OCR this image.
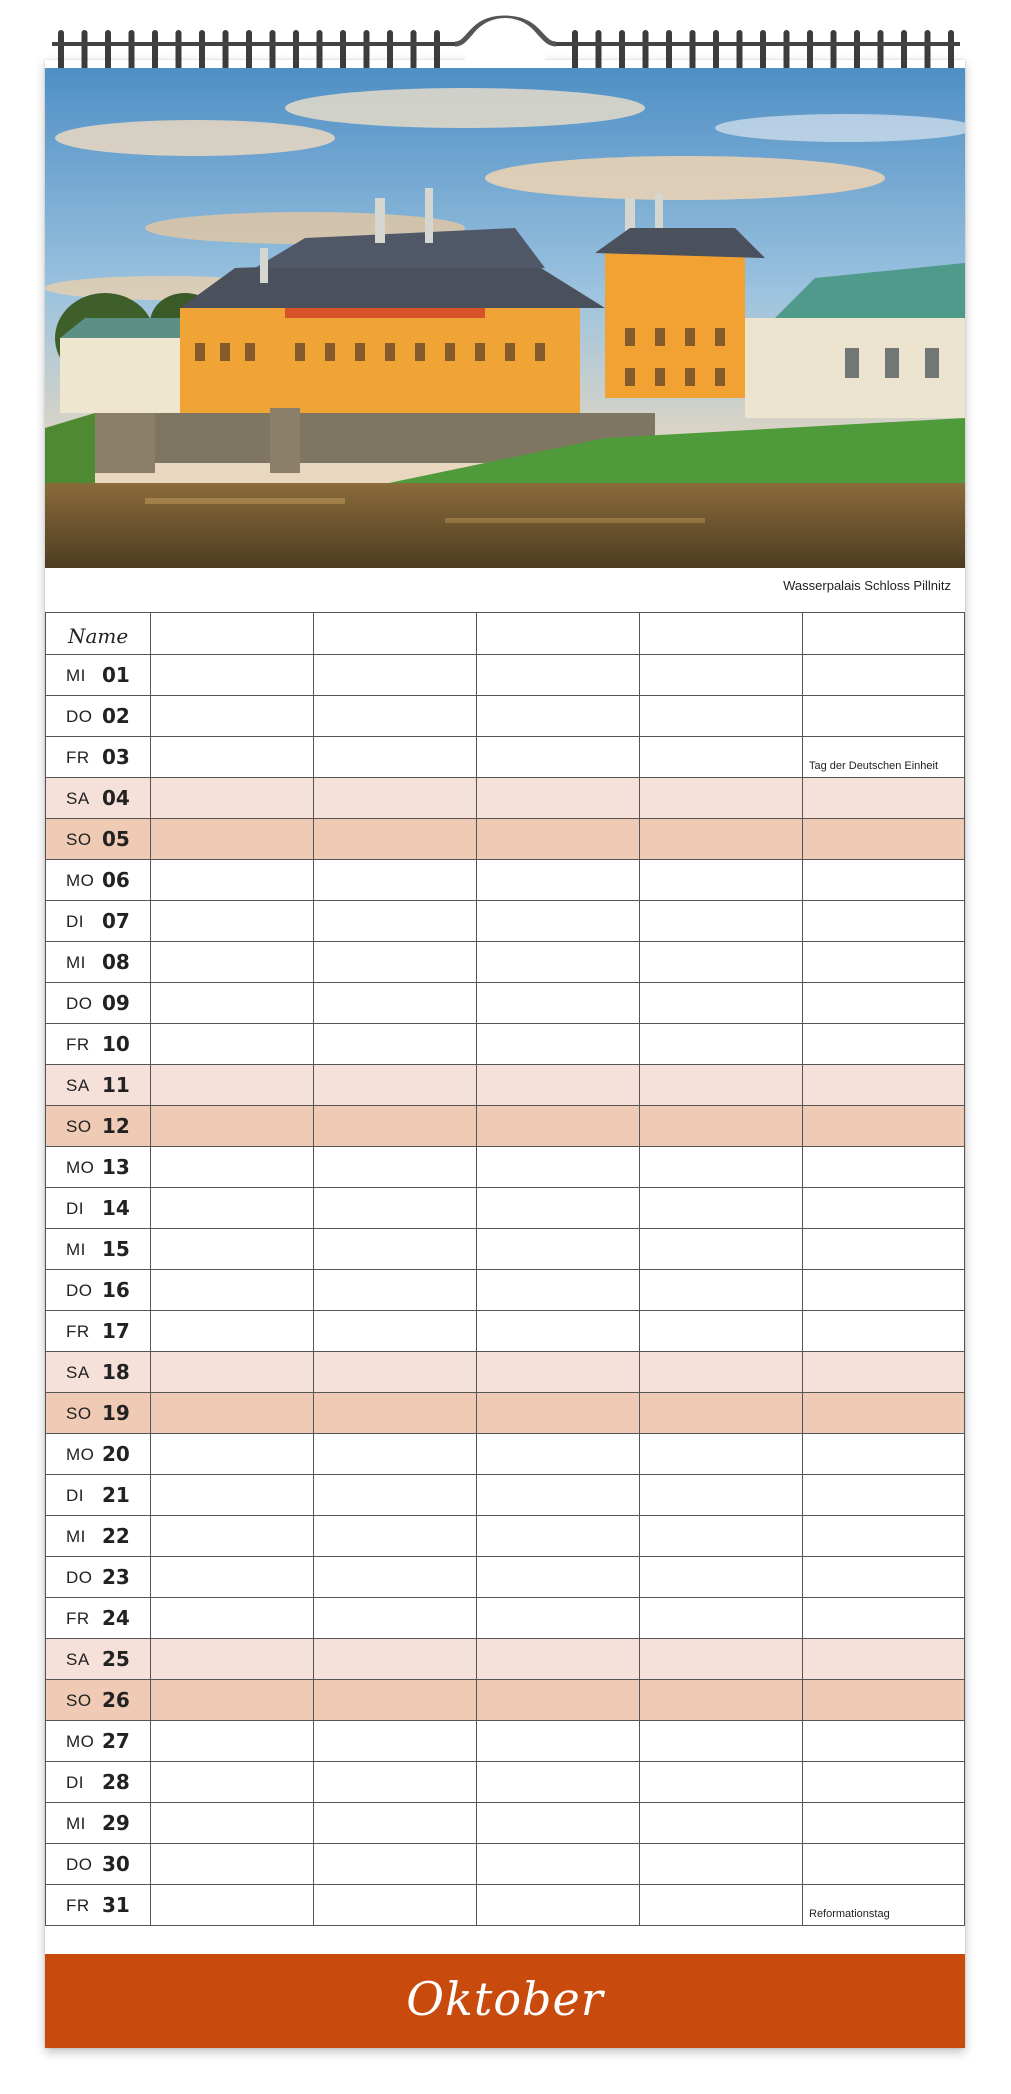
Wasserpalais Schloss Pillnitz
Name
MI 01
DO 02
FR 03	Tag der Deutschen Einheit
SA 04
SO 05
MO 06
DI 07
MI 08
DO 09
FR 10
SA 11
SO 12
MO 13
DI 14
MI 15
DO 16
FR 17
SA 18
SO 19
MO 20
DI 21
MI 22
DO 23
FR 24
SA 25
SO 26
MO 27
DI 28
MI 29
DO 30
FR 31	Reformationstag
Oktober
